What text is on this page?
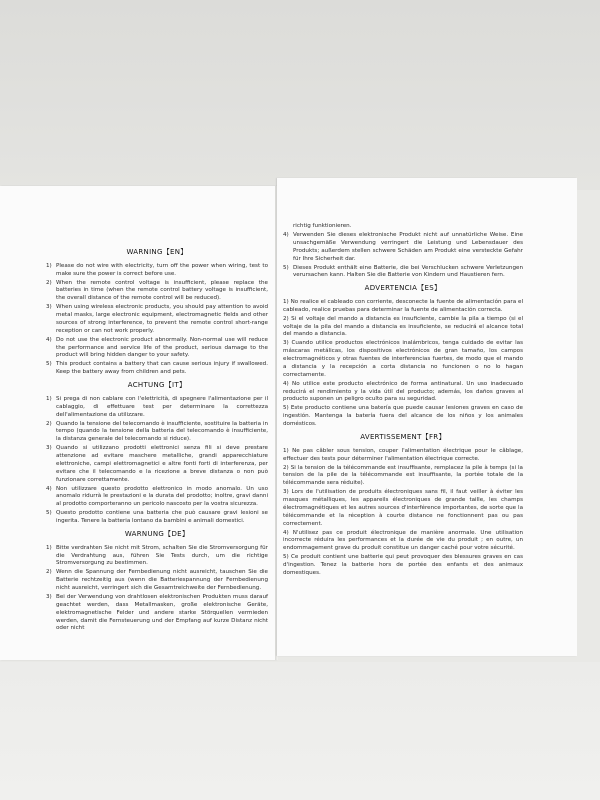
WARNING【EN】
1) Please do not wire with electricity, turn off the power when wiring, test to make sure the power is correct before use.
2) When the remote control voltage is insufficient, please replace the batteries in time (when the remote control battery voltage is insufficient, the overall distance of the remote control will be reduced).
3) When using wireless electronic products, you should pay attention to avoid metal masks, large electronic equipment, electromagnetic fields and other sources of strong interference, to prevent the remote control short-range reception or can not work properly.
4) Do not use the electronic product abnormally. Non-normal use will reduce the performance and service life of the product, serious damage to the product will bring hidden danger to your safety.
5) This product contains a battery that can cause serious injury if swallowed. Keep the battery away from children and pets.
ACHTUNG【IT】
1) Si prega di non cablare con l'elettricità, di spegnere l'alimentazione per il cablaggio, di effettuare test per determinare la correttezza dell'alimentazione da utilizzare.
2) Quando la tensione del telecomando è insufficiente, sostituire la batteria in tempo (quando la tensione della batteria del telecomando è insufficiente, la distanza generale del telecomando si riduce).
3) Quando si utilizzano prodotti elettronici senza fili si deve prestare attenzione ad evitare maschere metalliche, grandi apparecchiature elettroniche, campi elettromagnetici e altre fonti forti di interferenza, per evitare che il telecomando e la ricezione a breve distanza o non può funzionare correttamente.
4) Non utilizzare questo prodotto elettronico in modo anomalo. Un uso anomalo ridurrà le prestazioni e la durata del prodotto; inoltre, gravi danni al prodotto comporteranno un pericolo nascosto per la vostra sicurezza.
5) Questo prodotto contiene una batteria che può causare gravi lesioni se ingerita. Tenere la batteria lontano da bambini e animali domestici.
WARNUNG【DE】
1) Bitte verdrahten Sie nicht mit Strom, schalten Sie die Stromversorgung für die Verdrahtung aus, führen Sie Tests durch, um die richtige Stromversorgung zu bestimmen.
2) Wenn die Spannung der Fernbedienung nicht ausreicht, tauschen Sie die Batterie rechtzeitig aus (wenn die Batteriespannung der Fernbedienung nicht ausreicht, verringert sich die Gesamtreichweite der Fernbedienung.
3) Bei der Verwendung von drahtlosen elektronischen Produkten muss darauf geachtet werden, dass Metallmasken, große elektronische Geräte, elektromagnetische Felder und andere starke Störquellen vermieden werden, damit die Fernsteuerung und der Empfang auf kurze Distanz nicht oder nicht
richtig funktionieren.
4) Verwenden Sie dieses elektronische Produkt nicht auf unnatürliche Weise. Eine unsachgemäße Verwendung verringert die Leistung und Lebensdauer des Produkts; außerdem stellen schwere Schäden am Produkt eine versteckte Gefahr für Ihre Sicherheit dar.
5) Dieses Produkt enthält eine Batterie, die bei Verschlucken schwere Verletzungen verursachen kann. Halten Sie die Batterie von Kindern und Haustieren fern.
ADVERTENCIA【ES】
1) No realice el cableado con corriente, desconecte la fuente de alimentación para el cableado, realice pruebas para determinar la fuente de alimentación correcta.
2) Si el voltaje del mando a distancia es insuficiente, cambie la pila a tiempo (si el voltaje de la pila del mando a distancia es insuficiente, se reducirá el alcance total del mando a distancia.
3) Cuando utilice productos electrónicos inalámbricos, tenga cuidado de evitar las máscaras metálicas, los dispositivos electrónicos de gran tamaño, los campos electromagnéticos y otras fuentes de interferencias fuertes, de modo que el mando a distancia y la recepción a corta distancia no funcionen o no lo hagan correctamente.
4) No utilice este producto electrónico de forma antinatural. Un uso inadecuado reducirá el rendimiento y la vida útil del producto; además, los daños graves al producto suponen un peligro oculto para su seguridad.
5) Este producto contiene una batería que puede causar lesiones graves en caso de ingestión. Mantenga la batería fuera del alcance de los niños y los animales domésticos.
AVERTISSEMENT【FR】
1) Ne pas câbler sous tension, couper l'alimentation électrique pour le câblage, effectuer des tests pour déterminer l'alimentation électrique correcte.
2) Si la tension de la télécommande est insuffisante, remplacez la pile à temps (si la tension de la pile de la télécommande est insuffisante, la portée totale de la télécommande sera réduite).
3) Lors de l'utilisation de produits électroniques sans fil, il faut veiller à éviter les masques métalliques, les appareils électroniques de grande taille, les champs électromagnétiques et les autres sources d'interférence importantes, de sorte que la télécommande et la réception à courte distance ne fonctionnent pas ou pas correctement.
4) N'utilisez pas ce produit électronique de manière anormale. Une utilisation incorrecte réduira les performances et la durée de vie du produit ; en outre, un endommagement grave du produit constitue un danger caché pour votre sécurité.
5) Ce produit contient une batterie qui peut provoquer des blessures graves en cas d'ingestion. Tenez la batterie hors de portée des enfants et des animaux domestiques.
